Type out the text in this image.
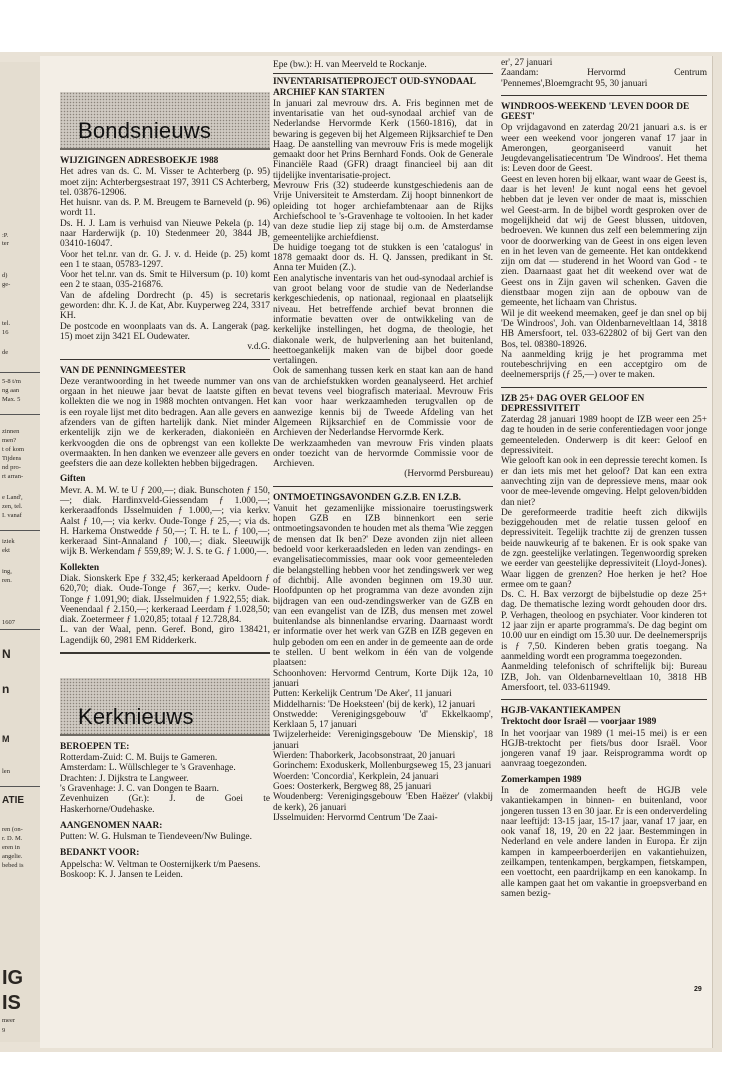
:P.
ter
d)
ge-
tel.
16
de
5-8 t/m
ng aan
Max. 5
zinnen
men?
t of kom
Tijdens
nd pro-
rt arran-
e Land',
zen, tel.
I. vanaf
iziek
ekt
ing,
ren.
1607
N
n
M
len
ATIE
ren (on-
r. D. M.
eren in
angelie.
bebed is
IG
IS
meer
9
Bondsnieuws
WIJZIGINGEN ADRESBOEKJE 1988

Het adres van ds. C. M. Visser te Achterberg (p. 95) moet zijn: Achterbergsestraat 197, 3911 CS Achterberg, tel. 03876-12906.
Het huisnr. van ds. P. M. Breugem te Barneveld (p. 96) wordt 11.
Ds. H. J. Lam is verhuisd van Nieuwe Pekela (p. 14) naar Harderwijk (p. 10) Stedenmeer 20, 3844 JB, 03410-16047.
Voor het tel.nr. van dr. G. J. v. d. Heide (p. 25) komt een 1 te staan, 05783-1297.
Voor het tel.nr. van ds. Smit te Hilversum (p. 10) komt een 2 te staan, 035-216876.
Van de afdeling Dordrecht (p. 45) is secretaris geworden: dhr. K. J. de Kat, Abr. Kuyperweg 224, 3317 KH.
De postcode en woonplaats van ds. A. Langerak (pag. 15) moet zijn 3421 EL Oudewater.

v.d.G.

VAN DE PENNINGMEESTER

Deze verantwoording in het tweede nummer van ons orgaan in het nieuwe jaar bevat de laatste giften en kollekten die we nog in 1988 mochten ontvangen. Het is een royale lijst met dito bedragen. Aan alle gevers en afzenders van de giften hartelijk dank. Niet minder erkentelijk zijn we de kerkeraden, diakonieën en kerkvoogden die ons de opbrengst van een kollekte overmaakten. In hen danken we evenzeer alle gevers en geefsters die aan deze kollekten hebben bijgedragen.

Giften

Mevr. A. M. W. te U ƒ 200,—; diak. Bunschoten ƒ 150,—; diak. Hardinxveld-Giessendam ƒ 1.000,—; kerkeraadfonds IJsselmuiden ƒ 1.000,—; via kerkv. Aalst ƒ 10,—; via kerkv. Oude-Tonge ƒ 25,—; via ds. H. Harkema Onstwedde ƒ 50,—; T. H. te L. ƒ 100,—; kerkeraad Sint-Annaland ƒ 100,—; diak. Sleeuwijk wijk B. Werkendam ƒ 559,89; W. J. S. te G. ƒ 1.000,—.

Kollekten

Diak. Sionskerk Epe ƒ 332,45; kerkeraad Apeldoorn ƒ 620,70; diak. Oude-Tonge ƒ 367,—; kerkv. Oude-Tonge ƒ 1.091,90; diak. IJsselmuiden ƒ 1.922,55; diak. Veenendaal ƒ 2.150,—; kerkeraad Leerdam ƒ 1.028,50; diak. Zoetermeer ƒ 1.020,85; totaal ƒ 12.728,84.
L. van der Waal, penn. Geref. Bond, giro 138421, Lagendijk 60, 2981 EM Ridderkerk.

Kerknieuws
BEROEPEN TE:

Rotterdam-Zuid: C. M. Buijs te Gameren.
Amsterdam: L. Wüllschleger te 's Gravenhage.
Drachten: J. Dijkstra te Langweer.
's Gravenhage: J. C. van Dongen te Baarn.
Zevenhuizen (Gr.): J. de Goei te Haskerhorne/Oudehaske.

AANGENOMEN NAAR:

Putten: W. G. Hulsman te Tiendeveen/Nw Bulinge.

BEDANKT VOOR:

Appelscha: W. Veltman te Oosternijkerk t/m Paesens.
Boskoop: K. J. Jansen te Leiden.

Epe (bw.): H. van Meerveld te Rockanje.

INVENTARISATIEPROJECT OUD-SYNODAAL ARCHIEF KAN STARTEN

In januari zal mevrouw drs. A. Fris beginnen met de inventarisatie van het oud-synodaal archief van de Nederlandse Hervormde Kerk (1560-1816), dat in bewaring is gegeven bij het Algemeen Rijksarchief te Den Haag. De aanstelling van mevrouw Fris is mede mogelijk gemaakt door het Prins Bernhard Fonds. Ook de Generale Financiële Raad (GFR) draagt financieel bij aan dit tijdelijke inventarisatie-project.
Mevrouw Fris (32) studeerde kunstgeschiedenis aan de Vrije Universiteit te Amsterdam. Zij hoopt binnenkort de opleiding tot hoger archiefambtenaar aan de Rijks Archiefschool te 's-Gravenhage te voltooien. In het kader van deze studie liep zij stage bij o.m. de Amsterdamse gemeentelijke archiefdienst.
De huidige toegang tot de stukken is een 'catalogus' in 1878 gemaakt door ds. H. Q. Janssen, predikant in St. Anna ter Muiden (Z.).
Een analytische inventaris van het oud-synodaal archief is van groot belang voor de studie van de Nederlandse kerkgeschiedenis, op nationaal, regionaal en plaatselijk niveau. Het betreffende archief bevat bronnen die informatie bevatten over de ontwikkeling van de kerkelijke instellingen, het dogma, de theologie, het diakonale werk, de hulpverlening aan het buitenland, heettoegankelijk maken van de bijbel door goede vertalingen.
Ook de samenhang tussen kerk en staat kan aan de hand van de archiefstukken worden geanalyseerd. Het archief bevat tevens veel biografisch materiaal. Mevrouw Fris kan voor haar werkzaamheden terugvallen op de aanwezige kennis bij de Tweede Afdeling van het Algemeen Rijksarchief en de Commissie voor de Archieven der Nederlandse Hervormde Kerk.
De werkzaamheden van mevrouw Fris vinden plaats onder toezicht van de hervormde Commissie voor de Archieven.

(Hervormd Persbureau)

ONTMOETINGSAVONDEN G.Z.B. EN I.Z.B.

Vanuit het gezamenlijke missionaire toerustingswerk hopen GZB en IZB binnenkort een serie ontmoetingsavonden te houden met als thema 'Wie zeggen de mensen dat Ik ben?' Deze avonden zijn niet alleen bedoeld voor kerkeraadsleden en leden van zendings- en evangelisatiecommissies, maar ook voor gemeenteleden die belangstelling hebben voor het zendingswerk ver weg of dichtbij. Alle avonden beginnen om 19.30 uur. Hoofdpunten op het programma van deze avonden zijn bijdragen van een oud-zendingswerker van de GZB en van een evangelist van de IZB, dus mensen met zowel buitenlandse als binnenlandse ervaring. Daarnaast wordt er informatie over het werk van GZB en IZB gegeven en hulp geboden om een en ander in de gemeente aan de orde te stellen. U bent welkom in één van de volgende plaatsen:
Schoonhoven: Hervormd Centrum, Korte Dijk 12a, 10 januari
Putten: Kerkelijk Centrum 'De Aker', 11 januari
Middelharnis: 'De Hoeksteen' (bij de kerk), 12 januari
Onstwedde: Verenigingsgebouw 'd' Ekkelkaomp', Kerklaan 5, 17 januari
Twijzelerheide: Verenigingsgebouw 'De Mienskip', 18 januari
Wierden: Thaborkerk, Jacobsonstraat, 20 januari
Gorinchem: Exoduskerk, Mollenburgseweg 15, 23 januari
Woerden: 'Concordia', Kerkplein, 24 januari
Goes: Oosterkerk, Bergweg 88, 25 januari
Woudenberg: Verenigingsgebouw 'Eben Haëzer' (vlakbij de kerk), 26 januari
IJsselmuiden: Hervormd Centrum 'De Zaai-

er', 27 januari
Zaandam: Hervormd Centrum 'Pennemes',Bloemgracht 95, 30 januari

WINDROOS-WEEKEND 'LEVEN DOOR DE GEEST'

Op vrijdagavond en zaterdag 20/21 januari a.s. is er weer een weekend voor jongeren vanaf 17 jaar in Amerongen, georganiseerd vanuit het Jeugdevangelisatiecentrum 'De Windroos'. Het thema is: Leven door de Geest.
Geest en leven horen bij elkaar, want waar de Geest is, daar is het leven! Je kunt nogal eens het gevoel hebben dat je leven ver onder de maat is, misschien wel Geest-arm. In de bijbel wordt gesproken over de mogelijkheid dat wij de Geest blussen, uitdoven, bedroeven. We kunnen dus zelf een belemmering zijn voor de doorwerking van de Geest in ons eigen leven en in het leven van de gemeente. Het kan ontdekkend zijn om dat — studerend in het Woord van God - te zien. Daarnaast gaat het dit weekend over wat de Geest ons in Zijn gaven wil schenken. Gaven die dienstbaar mogen zijn aan de opbouw van de gemeente, het lichaam van Christus.
Wil je dit weekend meemaken, geef je dan snel op bij 'De Windroos', Joh. van Oldenbarneveltlaan 14, 3818 HB Amersfoort, tel. 033-622802 of bij Gert van den Bos, tel. 08380-18926.
Na aanmelding krijg je het programma met routebeschrijving en een acceptgiro om de deelnemersprijs (ƒ 25,—) over te maken.

IZB 25+ DAG OVER GELOOF EN DEPRESSIVITEIT

Zaterdag 28 januari 1989 hoopt de IZB weer een 25+ dag te houden in de serie conferentiedagen voor jonge gemeenteleden. Onderwerp is dit keer: Geloof en depressiviteit.
Wie gelooft kan ook in een depressie terecht komen. Is er dan iets mis met het geloof? Dat kan een extra aanvechting zijn van de depressieve mens, maar ook voor de mee-levende omgeving. Helpt geloven/bidden dan niet?
De gereformeerde traditie heeft zich dikwijls beziggehouden met de relatie tussen geloof en depressiviteit. Tegelijk trachtte zij de grenzen tussen beide nauwkeurig af te bakenen. Er is ook spake van de zgn. geestelijke verlatingen. Tegenwoordig spreken we eerder van geestelijke depressiviteit (Lloyd-Jones). Waar liggen de grenzen? Hoe herken je het? Hoe ermee om te gaan?
Ds. C. H. Bax verzorgt de bijbelstudie op deze 25+ dag. De thematische lezing wordt gehouden door drs. P. Verhagen, theoloog en psychiater. Voor kinderen tot 12 jaar zijn er aparte programma's. De dag begint om 10.00 uur en eindigt om 15.30 uur. De deelnemersprijs is ƒ 7,50. Kinderen beben gratis toegang. Na aanmelding wordt een programma toegezonden.
Aanmelding telefonisch of schriftelijk bij: Bureau IZB, Joh. van Oldenbarneveltlaan 10, 3818 HB Amersfoort, tel. 033-611949.

HGJB-VAKANTIEKAMPEN
Trektocht door Israël — voorjaar 1989

In het voorjaar van 1989 (1 mei-15 mei) is er een HGJB-trektocht per fiets/bus door Israël. Voor jongeren vanaf 19 jaar. Reisprogramma wordt op aanvraag toegezonden.

Zomerkampen 1989

In de zomermaanden heeft de HGJB vele vakantiekampen in binnen- en buitenland, voor jongeren tussen 13 en 30 jaar. Er is een onderverdeling naar leeftijd: 13-15 jaar, 15-17 jaar, vanaf 17 jaar, en ook vanaf 18, 19, 20 en 22 jaar. Bestemmingen in Nederland en vele andere landen in Europa. Er zijn kampen in kampeerboerderijen en vakantiehuizen, zeilkampen, tentenkampen, bergkampen, fietskampen, een voettocht, een paardrijkamp en een kanokamp. In alle kampen gaat het om vakantie in groepsverband en samen bezig-

29
